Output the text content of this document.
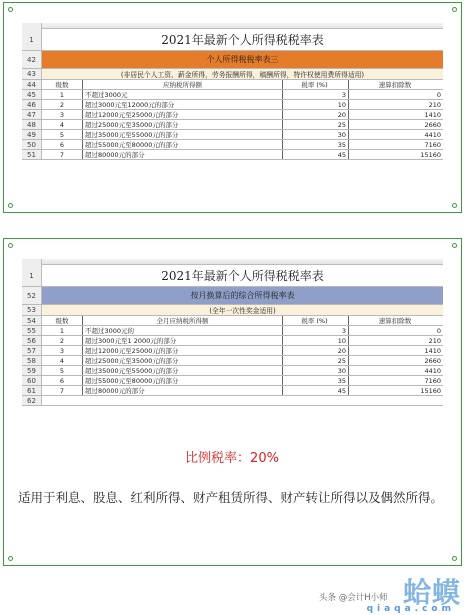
1	2021年最新个人所得税税率表
42	个人所得税税率表三
43	(非居民个人工资、薪金所得，劳务报酬所得，稿酬所得，特许权使用费所得适用)
44	级数	应纳税所得额	税率 (%)	速算扣除数
45	1	不超过3000元	3	0
46	2	超过3000元至12000元的部分	10	210
47	3	超过12000元至25000元的部分	20	1410
48	4	超过25000元至35000元的部分	25	2660
49	5	超过35000元至55000元的部分	30	4410
50	6	超过55000元至80000元的部分	35	7160
51	7	超过80000元的部分	45	15160
1	2021年最新个人所得税税率表
52	按月换算后的综合所得税率表
53	(全年一次性奖金适用)
54	级数	全月应纳税所得额	税率 (%)	速算扣除数
55	1	不超过3000元的	3	0
56	2	超过3000元至1 2000元的部分	10	210
57	3	超过12000元至25000元的部分	20	1410
58	4	超过25000元至35000元的部分	25	2660
59	5	超过35000元至55000元的部分	30	4410
60	6	超过55000元至80000元的部分	35	7160
61	7	超过80000元的部分	45	15160
62
比例税率：20%
适用于利息、股息、红利所得、财产租赁所得、财产转让所得以及偶然所得。
蛤蟆
头条 @会计H小师
qiaqa.com
